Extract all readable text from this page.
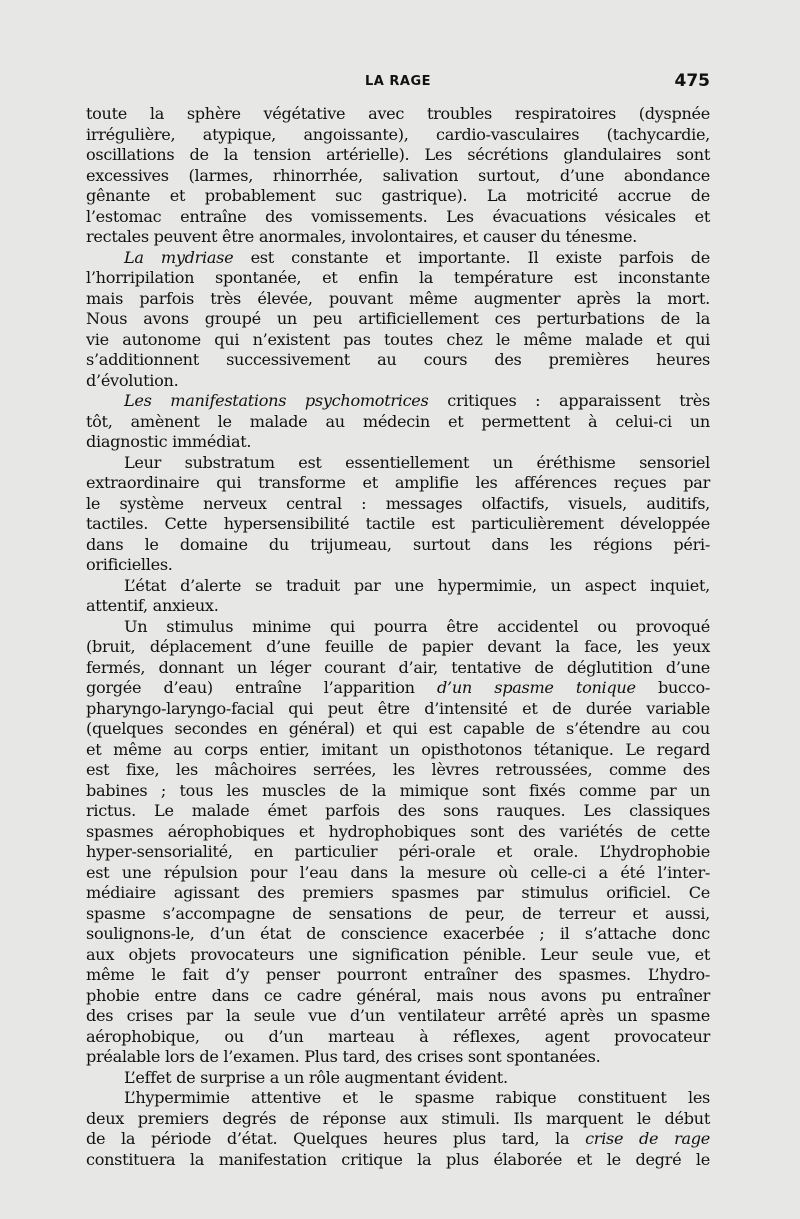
LA RAGE	475

toute la sphère végétative avec troubles respiratoires (dyspnée
irrégulière, atypique, angoissante), cardio-vasculaires (tachycardie,
oscillations de la tension artérielle). Les sécrétions glandulaires sont
excessives (larmes, rhinorrhée, salivation surtout, d’une abondance
gênante et probablement suc gastrique). La motricité accrue de
l’estomac entraîne des vomissements. Les évacuations vésicales et
rectales peuvent être anormales, involontaires, et causer du ténesme.

La mydriase est constante et importante. Il existe parfois de
l’horripilation spontanée, et enfin la température est inconstante
mais parfois très élevée, pouvant même augmenter après la mort.
Nous avons groupé un peu artificiellement ces perturbations de la
vie autonome qui n’existent pas toutes chez le même malade et qui
s’additionnent successivement au cours des premières heures
d’évolution.

Les manifestations psychomotrices critiques : apparaissent très
tôt, amènent le malade au médecin et permettent à celui-ci un
diagnostic immédiat.

Leur substratum est essentiellement un éréthisme sensoriel
extraordinaire qui transforme et amplifie les afférences reçues par
le système nerveux central : messages olfactifs, visuels, auditifs,
tactiles. Cette hypersensibilité tactile est particulièrement développée
dans le domaine du trijumeau, surtout dans les régions péri-
orificielles.

L’état d’alerte se traduit par une hypermimie, un aspect inquiet,
attentif, anxieux.

Un stimulus minime qui pourra être accidentel ou provoqué
(bruit, déplacement d’une feuille de papier devant la face, les yeux
fermés, donnant un léger courant d’air, tentative de déglutition d’une
gorgée d’eau) entraîne l’apparition d’un spasme tonique bucco-
pharyngo-laryngo-facial qui peut être d’intensité et de durée variable
(quelques secondes en général) et qui est capable de s’étendre au cou
et même au corps entier, imitant un opisthotonos tétanique. Le regard
est fixe, les mâchoires serrées, les lèvres retroussées, comme des
babines ; tous les muscles de la mimique sont fixés comme par un
rictus. Le malade émet parfois des sons rauques. Les classiques
spasmes aérophobiques et hydrophobiques sont des variétés de cette
hyper-sensorialité, en particulier péri-orale et orale. L’hydrophobie
est une répulsion pour l’eau dans la mesure où celle-ci a été l’inter-
médiaire agissant des premiers spasmes par stimulus orificiel. Ce
spasme s’accompagne de sensations de peur, de terreur et aussi,
soulignons-le, d’un état de conscience exacerbée ; il s’attache donc
aux objets provocateurs une signification pénible. Leur seule vue, et
même le fait d’y penser pourront entraîner des spasmes. L’hydro-
phobie entre dans ce cadre général, mais nous avons pu entraîner
des crises par la seule vue d’un ventilateur arrêté après un spasme
aérophobique, ou d’un marteau à réflexes, agent provocateur
préalable lors de l’examen. Plus tard, des crises sont spontanées.

L’effet de surprise a un rôle augmentant évident.

L’hypermimie attentive et le spasme rabique constituent les
deux premiers degrés de réponse aux stimuli. Ils marquent le début
de la période d’état. Quelques heures plus tard, la crise de rage
constituera la manifestation critique la plus élaborée et le degré le
